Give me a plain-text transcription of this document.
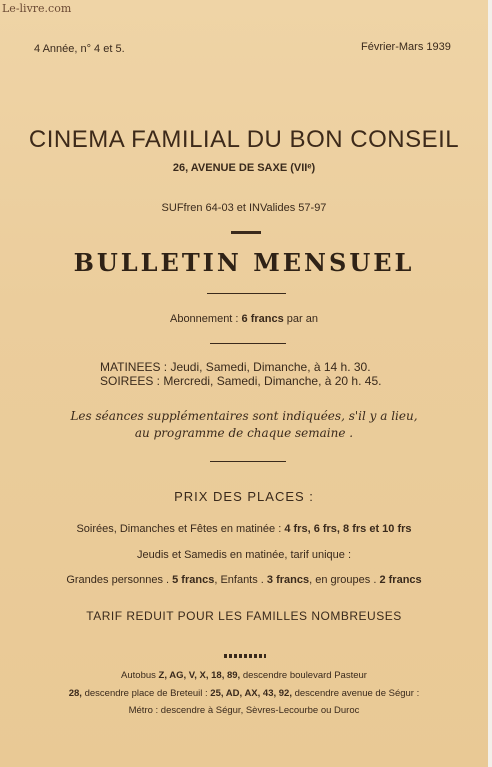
Le-livre.com
4 Année, n° 4 et 5.	Février-Mars 1939
CINEMA FAMILIAL DU BON CONSEIL
26, AVENUE DE SAXE (VIIᵉ)
SUFfren 64-03 et INValides 57-97
BULLETIN MENSUEL
Abonnement : 6 francs par an
MATINEES : Jeudi, Samedi, Dimanche, à 14 h. 30.
SOIREES : Mercredi, Samedi, Dimanche, à 20 h. 45.
Les séances supplémentaires sont indiquées, s'il y a lieu,
au programme de chaque semaine .
PRIX DES PLACES :
Soirées, Dimanches et Fêtes en matinée : 4 frs, 6 frs, 8 frs et 10 frs
Jeudis et Samedis en matinée, tarif unique :
Grandes personnes . 5 francs, Enfants . 3 francs, en groupes . 2 francs
TARIF REDUIT POUR LES FAMILLES NOMBREUSES
Autobus Z, AG, V, X, 18, 89, descendre boulevard Pasteur
28, descendre place de Breteuil : 25, AD, AX, 43, 92, descendre avenue de Ségur :
Métro : descendre à Ségur, Sèvres-Lecourbe ou Duroc
